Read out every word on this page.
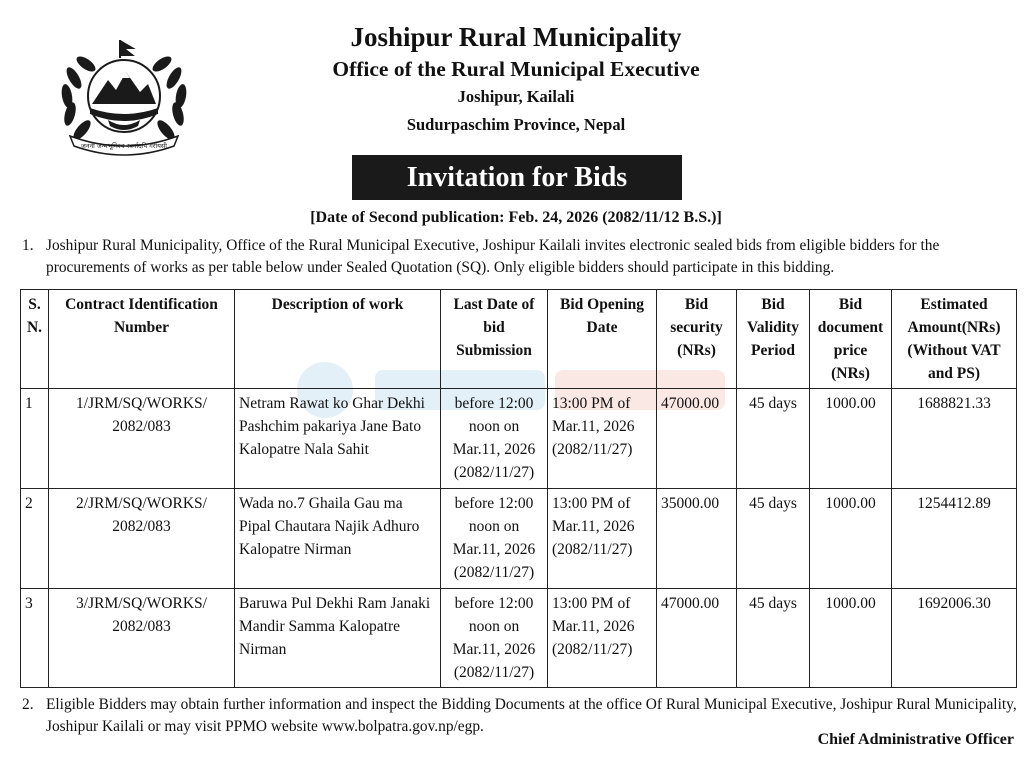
जननी जन्मभूमिश्च स्वर्गादपि गरीयसी
Joshipur Rural Municipality
Office of the Rural Municipal Executive
Joshipur, Kailali
Sudurpaschim Province, Nepal
Invitation for Bids
[Date of Second publication: Feb. 24, 2026 (2082/11/12 B.S.)]
1. Joshipur Rural Municipality, Office of the Rural Municipal Executive, Joshipur Kailali invites electronic sealed bids from eligible bidders for the procurements of works as per table below under Sealed Quotation (SQ). Only eligible bidders should participate in this bidding.
S. N.	Contract Identification Number	Description of work	Last Date of bid Submission	Bid Opening Date	Bid security (NRs)	Bid Validity Period	Bid document price (NRs)	Estimated Amount(NRs) (Without VAT and PS)
1	1/JRM/SQ/WORKS/ 2082/083	Netram Rawat ko Ghar Dekhi Pashchim pakariya Jane Bato Kalopatre Nala Sahit	before 12:00 noon on Mar.11, 2026 (2082/11/27)	13:00 PM of Mar.11, 2026 (2082/11/27)	47000.00	45 days	1000.00	1688821.33
2	2/JRM/SQ/WORKS/ 2082/083	Wada no.7 Ghaila Gau ma Pipal Chautara Najik Adhuro Kalopatre Nirman	before 12:00 noon on Mar.11, 2026 (2082/11/27)	13:00 PM of Mar.11, 2026 (2082/11/27)	35000.00	45 days	1000.00	1254412.89
3	3/JRM/SQ/WORKS/ 2082/083	Baruwa Pul Dekhi Ram Janaki Mandir Samma Kalopatre Nirman	before 12:00 noon on Mar.11, 2026 (2082/11/27)	13:00 PM of Mar.11, 2026 (2082/11/27)	47000.00	45 days	1000.00	1692006.30
2. Eligible Bidders may obtain further information and inspect the Bidding Documents at the office Of Rural Municipal Executive, Joshipur Rural Municipality, Joshipur Kailali or may visit PPMO website www.bolpatra.gov.np/egp.
Chief Administrative Officer
